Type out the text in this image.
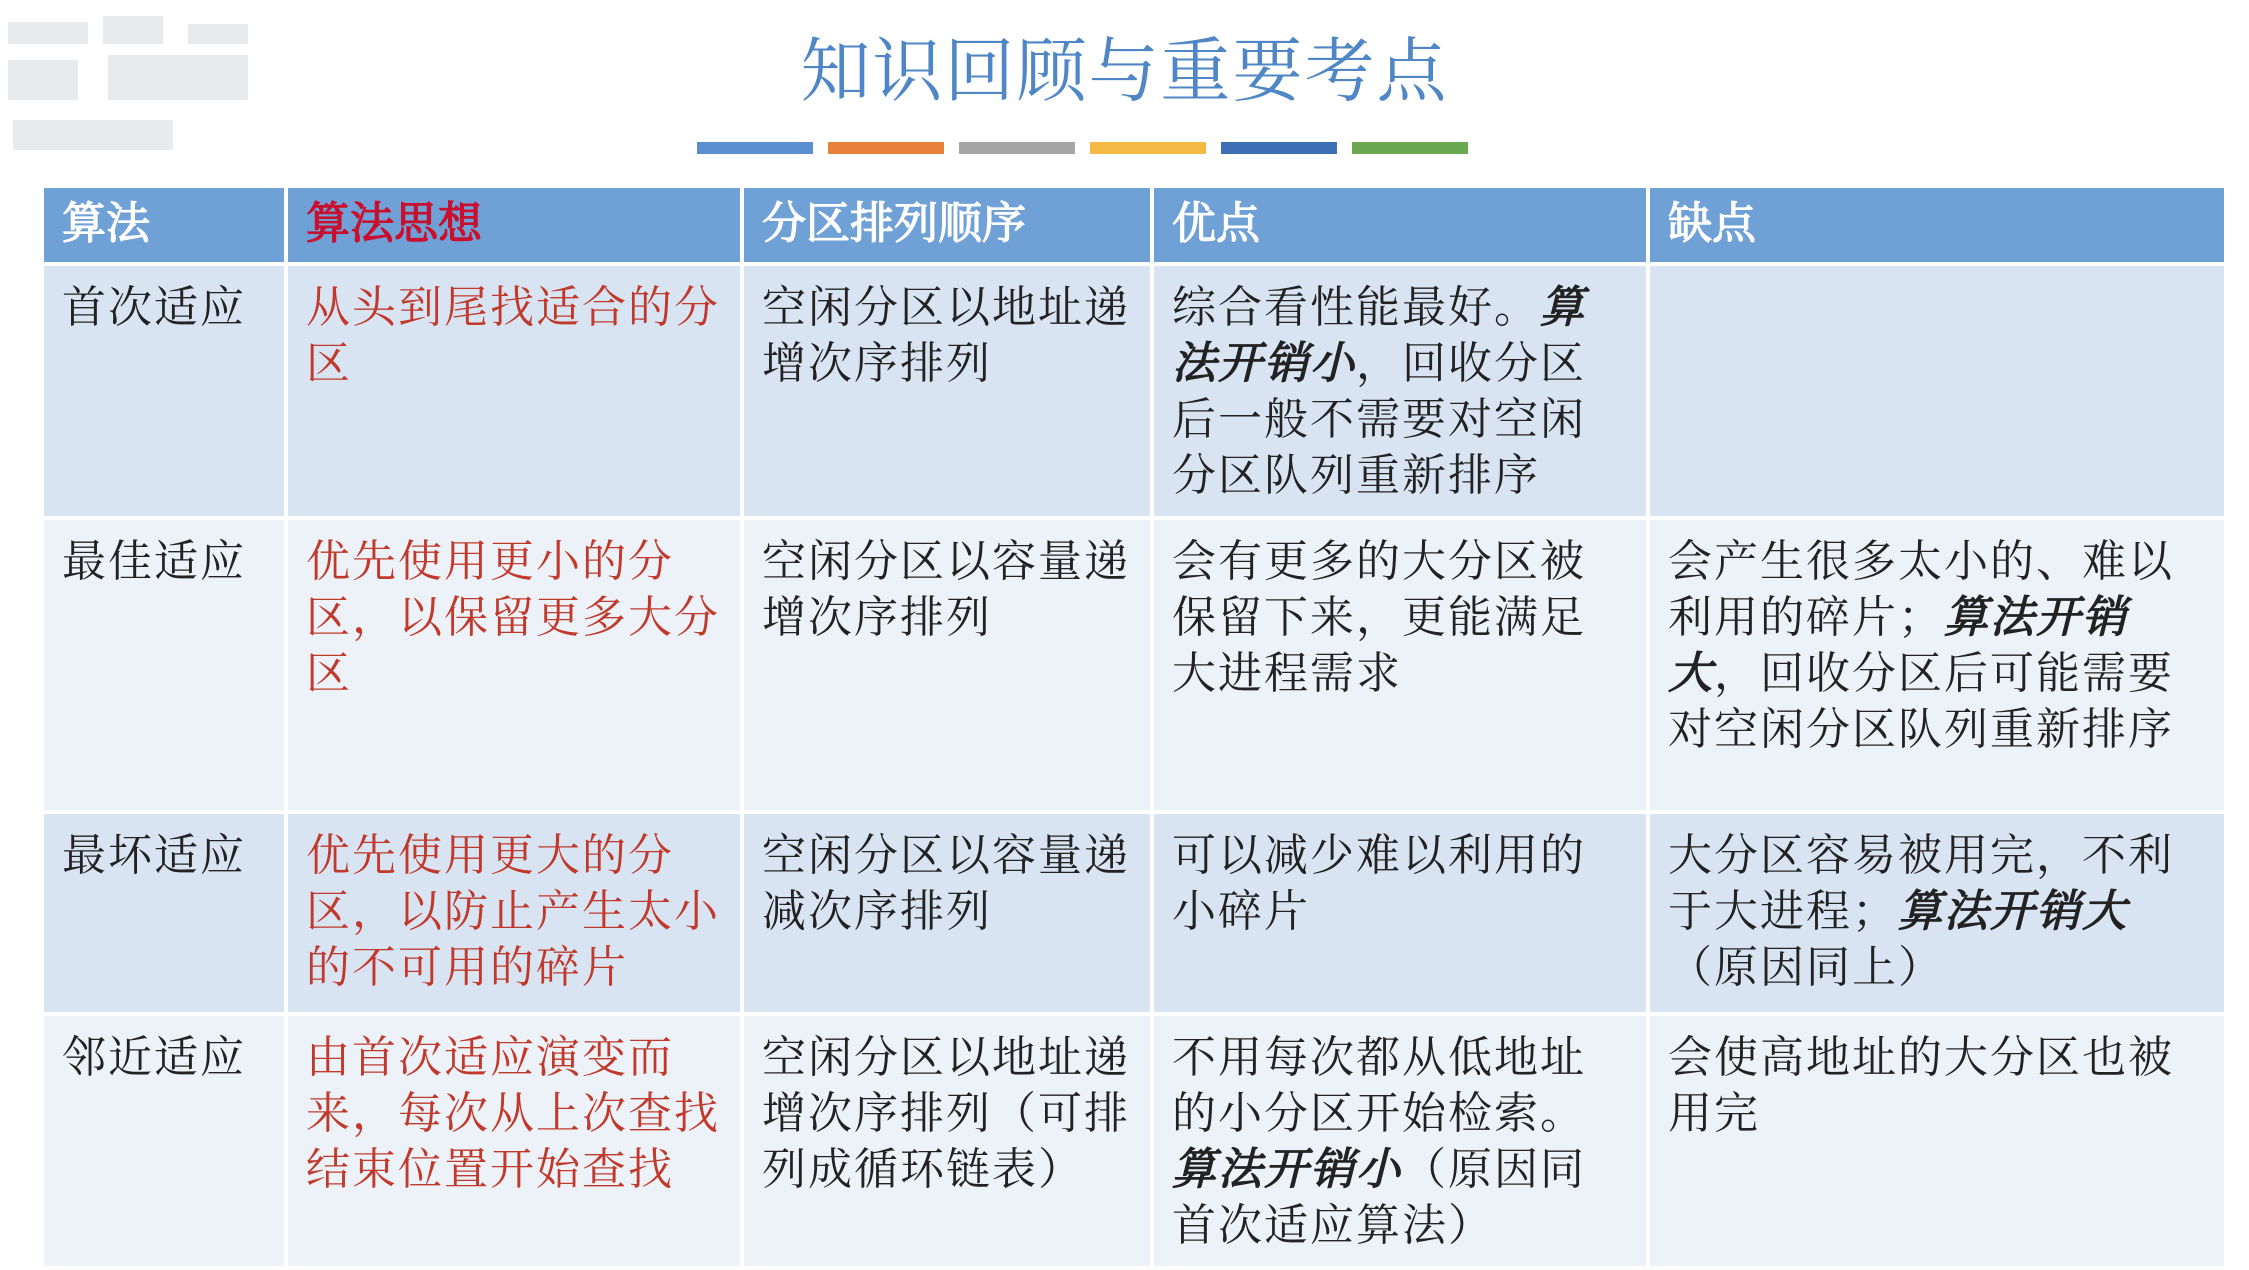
知识回顾与重要考点
算法	算法思想	分区排列顺序	优点	缺点
首次适应	从头到尾找适合的分区	空闲分区以地址递增次序排列	综合看性能最好。算法开销小，回收分区后一般不需要对空闲分区队列重新排序	
最佳适应	优先使用更小的分区，以保留更多大分区	空闲分区以容量递增次序排列	会有更多的大分区被保留下来，更能满足大进程需求	会产生很多太小的、难以利用的碎片；算法开销大，回收分区后可能需要对空闲分区队列重新排序
最坏适应	优先使用更大的分区，以防止产生太小的不可用的碎片	空闲分区以容量递减次序排列	可以减少难以利用的小碎片	大分区容易被用完，不利于大进程；算法开销大（原因同上）
邻近适应	由首次适应演变而来，每次从上次查找结束位置开始查找	空闲分区以地址递增次序排列（可排列成循环链表）	不用每次都从低地址的小分区开始检索。算法开销小（原因同首次适应算法）	会使高地址的大分区也被用完
